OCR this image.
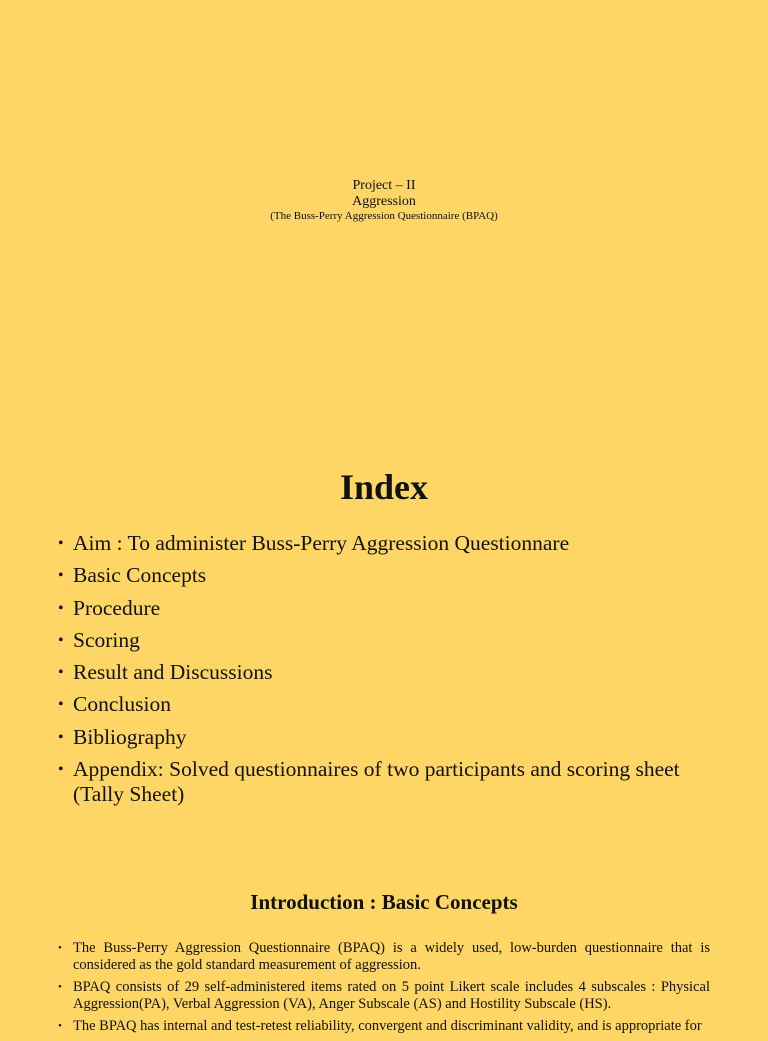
Project – II
Aggression
(The Buss-Perry Aggression Questionnaire (BPAQ)
Index
• Aim : To administer Buss-Perry Aggression Questionnare
• Basic Concepts
• Procedure
• Scoring
• Result and Discussions
• Conclusion
• Bibliography
• Appendix: Solved questionnaires of two participants and scoring sheet (Tally Sheet)
Introduction : Basic Concepts
• The Buss-Perry Aggression Questionnaire (BPAQ) is a widely used, low-burden questionnaire that is considered as the gold standard measurement of aggression.
• BPAQ consists of 29 self-administered items rated on 5 point Likert scale includes 4 subscales : Physical Aggression(PA), Verbal Aggression (VA), Anger Subscale (AS) and Hostility Subscale (HS).
• The BPAQ has internal and test-retest reliability, convergent and discriminant validity, and is appropriate for
